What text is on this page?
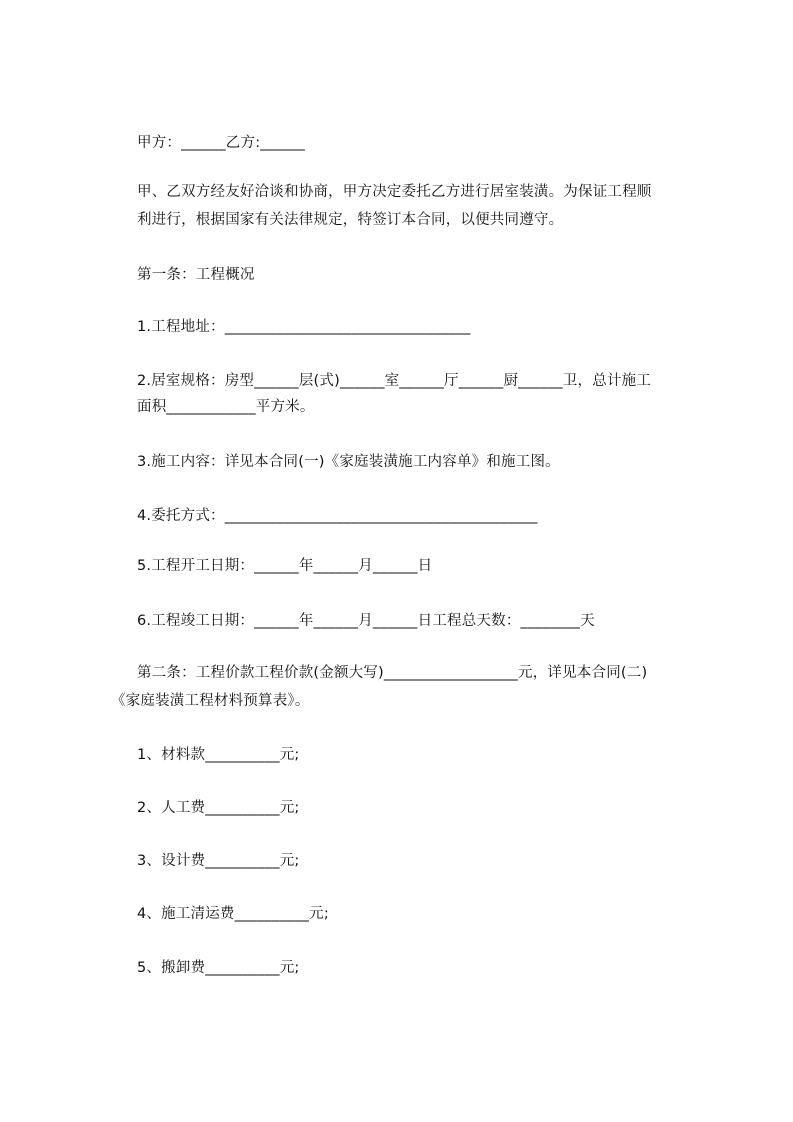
甲方：______乙方:______
甲、乙双方经友好洽谈和协商，甲方决定委托乙方进行居室装潢。为保证工程顺
利进行，根据国家有关法律规定，特签订本合同，以便共同遵守。
第一条：工程概况
1.工程地址：_________________________________
2.居室规格：房型______层(式)______室______厅______厨______卫，总计施工
面积____________平方米。
3.施工内容：详见本合同(一)《家庭装潢施工内容单》和施工图。
4.委托方式：__________________________________________
5.工程开工日期：______年______月______日
6.工程竣工日期：______年______月______日工程总天数：________天
第二条：工程价款工程价款(金额大写)__________________元，详见本合同(二)
《家庭装潢工程材料预算表》。
1、材料款__________元;
2、人工费__________元;
3、设计费__________元;
4、施工清运费__________元;
5、搬卸费__________元;
